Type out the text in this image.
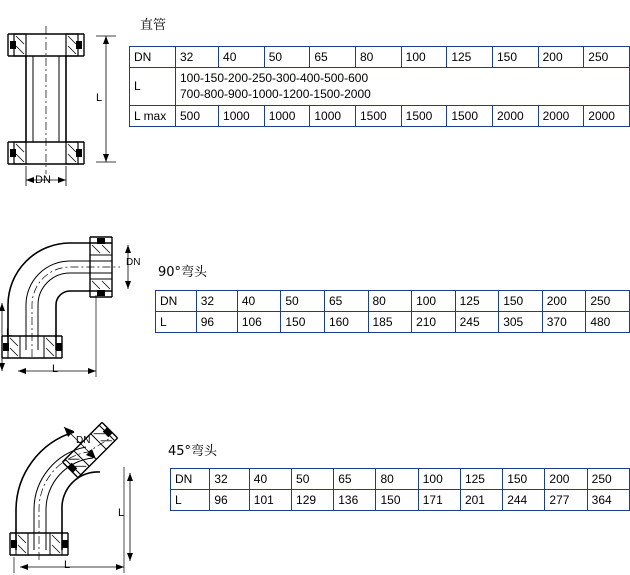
直管
L
DN
DN	32	40	50	65	80	100	125	150	200	250
L	100-150-200-250-300-400-500-600
700-800-900-1000-1200-1500-2000									

L max	500	1000	1000	1000	1500	1500	1500	2000	2000	2000
90°弯头
DN
L
L
DN	32	40	50	65	80	100	125	150	200	250
L	96	106	150	160	185	210	245	305	370	480
45°弯头
DN
L
L
DN	32	40	50	65	80	100	125	150	200	250
L	96	101	129	136	150	171	201	244	277	364
